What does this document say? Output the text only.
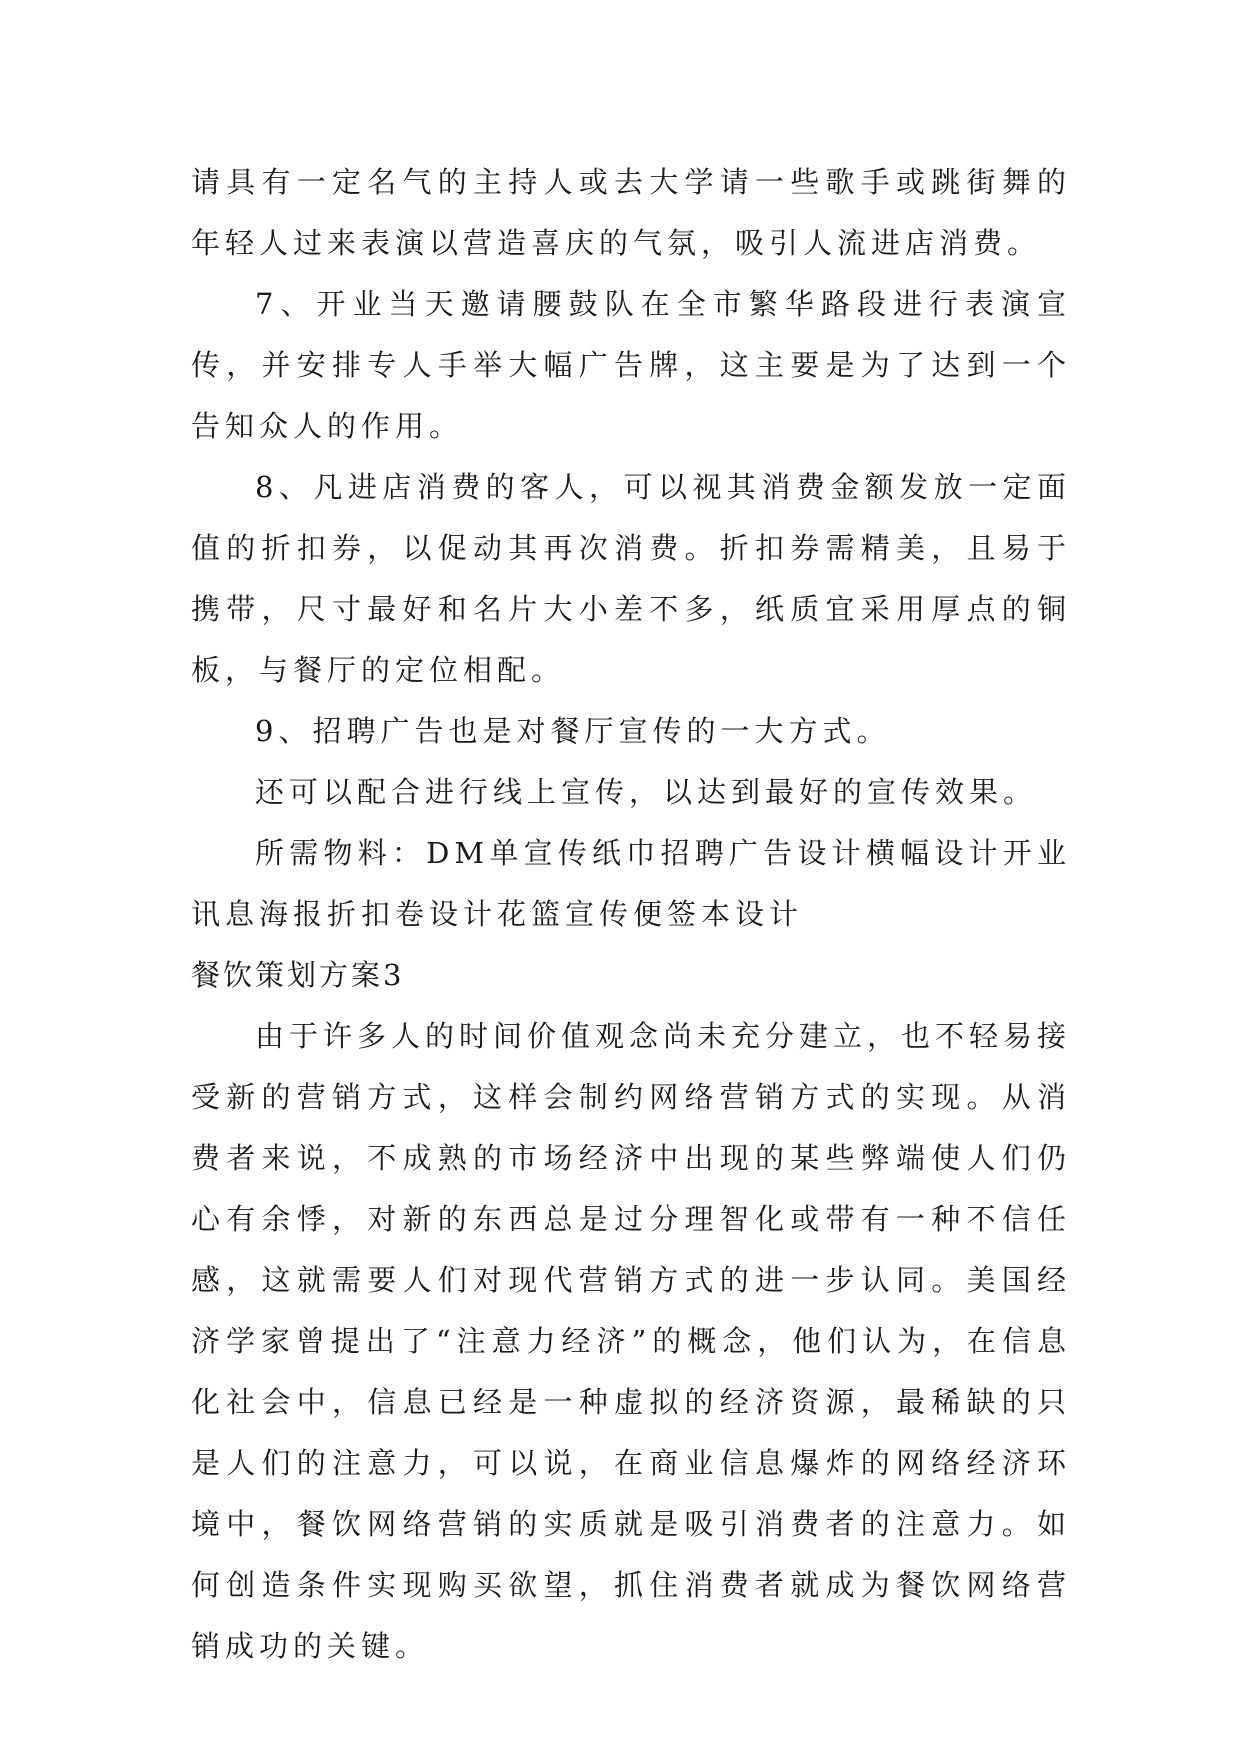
请具有一定名气的主持人或去大学请一些歌手或跳街舞的年轻人过来表演以营造喜庆的气氛，吸引人流进店消费。

7、开业当天邀请腰鼓队在全市繁华路段进行表演宣传，并安排专人手举大幅广告牌，这主要是为了达到一个告知众人的作用。

8、凡进店消费的客人，可以视其消费金额发放一定面值的折扣券，以促动其再次消费。折扣券需精美，且易于携带，尺寸最好和名片大小差不多，纸质宜采用厚点的铜板，与餐厅的定位相配。

9、招聘广告也是对餐厅宣传的一大方式。

还可以配合进行线上宣传，以达到最好的宣传效果。

所需物料：DM单宣传纸巾招聘广告设计横幅设计开业讯息海报折扣卷设计花篮宣传便签本设计

餐饮策划方案3

由于许多人的时间价值观念尚未充分建立，也不轻易接受新的营销方式，这样会制约网络营销方式的实现。从消费者来说，不成熟的市场经济中出现的某些弊端使人们仍心有余悸，对新的东西总是过分理智化或带有一种不信任感，这就需要人们对现代营销方式的进一步认同。美国经济学家曾提出了“注意力经济”的概念，他们认为，在信息化社会中，信息已经是一种虚拟的经济资源，最稀缺的只是人们的注意力，可以说，在商业信息爆炸的网络经济环境中，餐饮网络营销的实质就是吸引消费者的注意力。如何创造条件实现购买欲望，抓住消费者就成为餐饮网络营销成功的关键。
